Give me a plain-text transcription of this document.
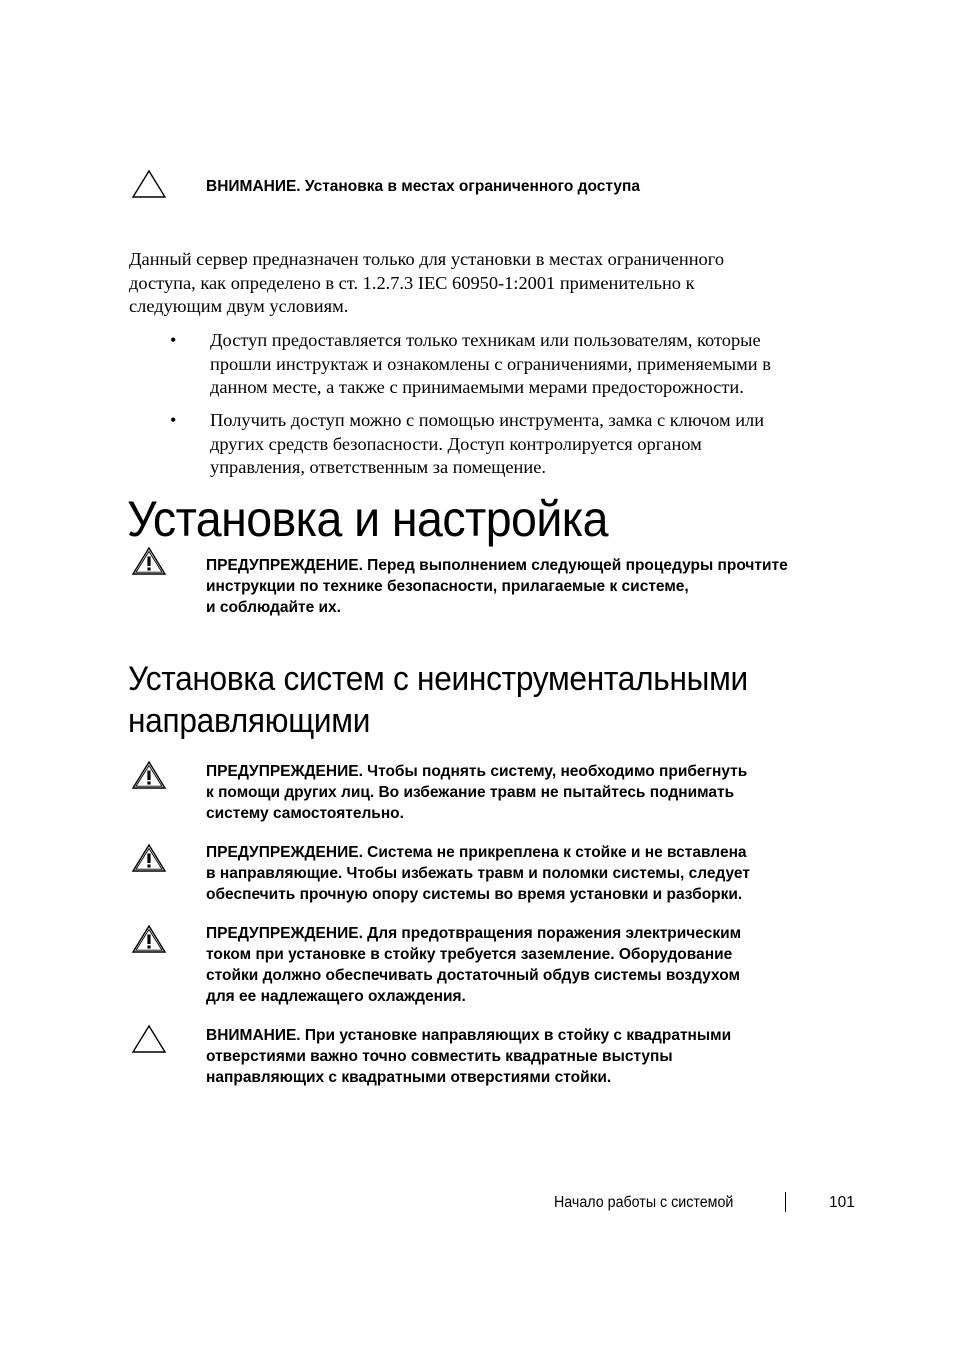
ВНИМАНИЕ. Установка в местах ограниченного доступа
Данный сервер предназначен только для установки в местах ограниченного
доступа, как определено в ст. 1.2.7.3 IEC 60950-1:2001 применительно к
следующим двум условиям.
• Доступ предоставляется только техникам или пользователям, которые
прошли инструктаж и ознакомлены с ограничениями, применяемыми в
данном месте, а также с принимаемыми мерами предосторожности.
• Получить доступ можно с помощью инструмента, замка с ключом или
других средств безопасности. Доступ контролируется органом
управления, ответственным за помещение.
Установка и настройка
ПРЕДУПРЕЖДЕНИЕ. Перед выполнением следующей процедуры прочтите
инструкции по технике безопасности, прилагаемые к системе,
и соблюдайте их.
Установка систем с неинструментальными
направляющими
ПРЕДУПРЕЖДЕНИЕ. Чтобы поднять систему, необходимо прибегнуть
к помощи других лиц. Во избежание травм не пытайтесь поднимать
систему самостоятельно.
ПРЕДУПРЕЖДЕНИЕ. Система не прикреплена к стойке и не вставлена
в направляющие. Чтобы избежать травм и поломки системы, следует
обеспечить прочную опору системы во время установки и разборки.
ПРЕДУПРЕЖДЕНИЕ. Для предотвращения поражения электрическим
током при установке в стойку требуется заземление. Оборудование
стойки должно обеспечивать достаточный обдув системы воздухом
для ее надлежащего охлаждения.
ВНИМАНИЕ. При установке направляющих в стойку с квадратными
отверстиями важно точно совместить квадратные выступы
направляющих с квадратными отверстиями стойки.
Начало работы с системой	101
